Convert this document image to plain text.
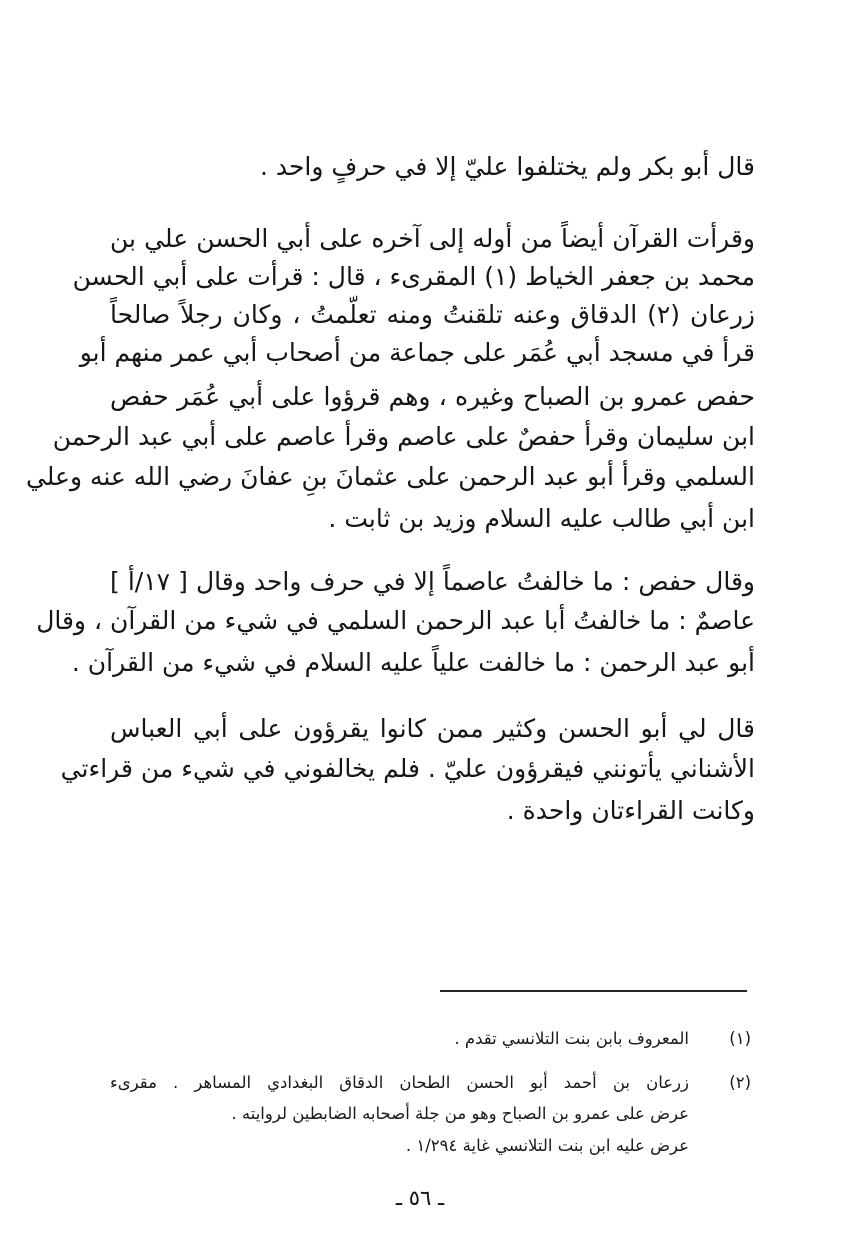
قال أبو بكر ولم يختلفوا عليّ إلا في حرفٍ واحد .
وقرأت القرآن أيضاً من أوله إلى آخره على أبي الحسن علي بن
محمد بن جعفر الخياط (١) المقرىء ، قال : قرأت على أبي الحسن
زرعان (٢) الدقاق وعنه تلقنتُ ومنه تعلّمتُ ، وكان رجلاً صالحاً
قرأ في مسجد أبي عُمَر على جماعة من أصحاب أبي عمر منهم أبو
حفص عمرو بن الصباح وغيره ، وهم قرؤوا على أبي عُمَر حفص
ابن سليمان وقرأ حفصٌ على عاصم وقرأ عاصم على أبي عبد الرحمن
السلمي وقرأ أبو عبد الرحمن على عثمانَ بنِ عفانَ رضي الله عنه وعلي
ابن أبي طالب عليه السلام وزيد بن ثابت .
وقال حفص : ما خالفتُ عاصماً إلا في حرف واحد وقال [ ١٧/أ ]
عاصمٌ : ما خالفتُ أبا عبد الرحمن السلمي في شيء من القرآن ، وقال
أبو عبد الرحمن : ما خالفت علياً عليه السلام في شيء من القرآن .
قال لي أبو الحسن وكثير ممن كانوا يقرؤون على أبي العباس
الأشناني يأتونني فيقرؤون عليّ . فلم يخالفوني في شيء من قراءتي
وكانت القراءتان واحدة .
(١)
المعروف بابن بنت التلانسي تقدم .
(٢)
زرعان بن أحمد أبو الحسن الطحان الدقاق البغدادي المساهر . مقرىء
عرض على عمرو بن الصباح وهو من جلة أصحابه الضابطين لروايته .
عرض عليه ابن بنت التلانسي غاية ١/٢٩٤ .
ـ ٥٦ ـ
